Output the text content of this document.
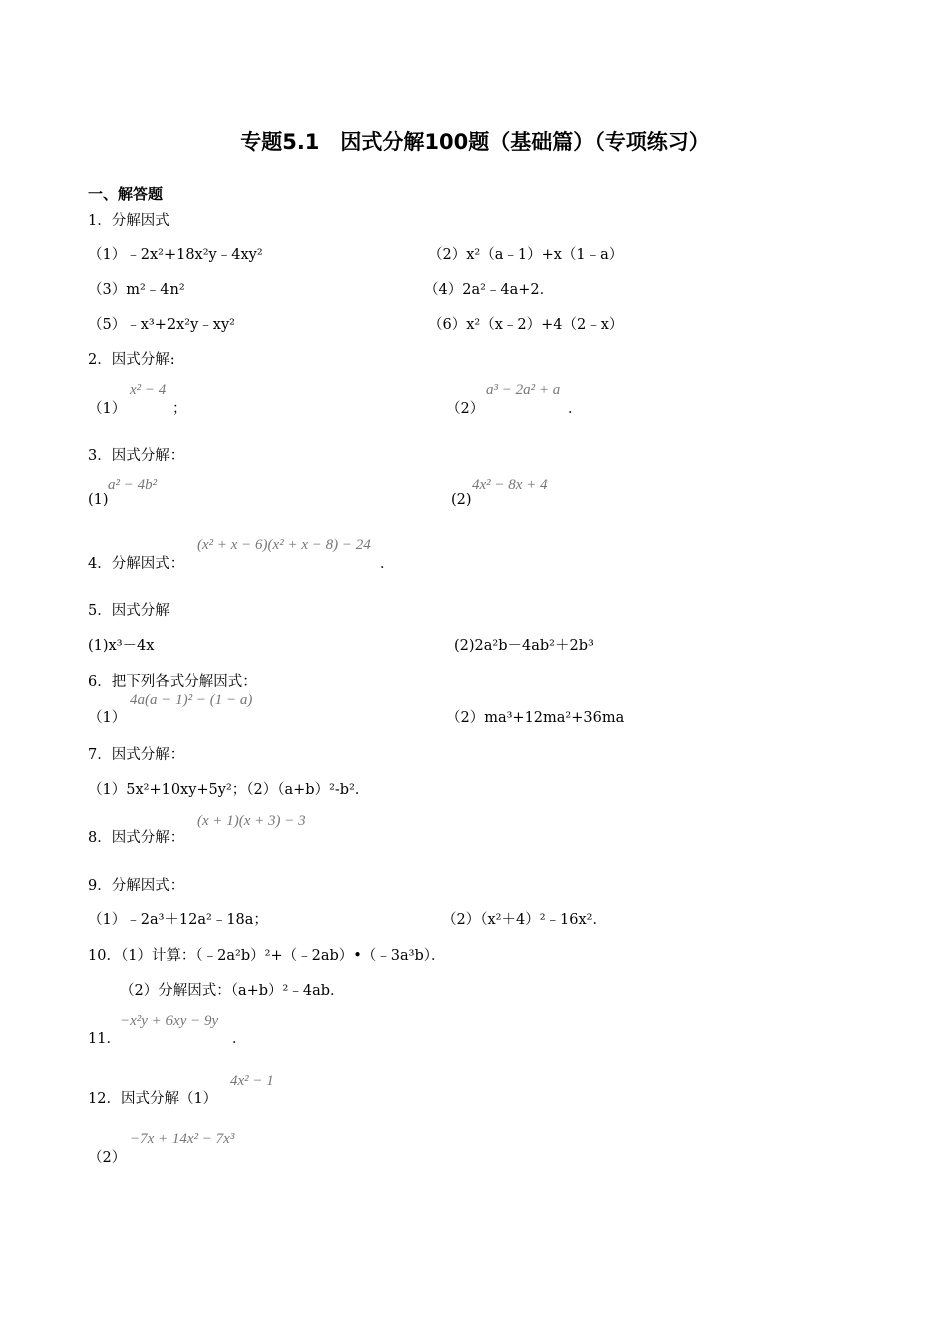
专题5.1　因式分解100题（基础篇）（专项练习）
一、解答题
1．分解因式
（1）﹣2x²+18x²y﹣4xy²	（2）x²（a﹣1）+x（1﹣a）
（3）m²﹣4n²	（4）2a²﹣4a+2．
（5）﹣x³+2x²y﹣xy²	（6）x²（x﹣2）+4（2﹣x）
2．因式分解:
（1）
x² − 4
；	（2）
a³ − 2a² + a
．
3．因式分解：
(1)
a² − 4b²
(2)
4x² − 8x + 4
4．分解因式：
(x² + x − 6)(x² + x − 8) − 24
．
5．因式分解
(1)x³－4x	(2)2a²b－4ab²＋2b³
6．把下列各式分解因式：
（1）
4a(a − 1)² − (1 − a)
（2）ma³+12ma²+36ma
7．因式分解：
（1）5x²+10xy+5y²；（2）（a+b）²-b²．
8．因式分解：
(x + 1)(x + 3) − 3
9．分解因式：
（1）﹣2a³＋12a²﹣18a；	（2）（x²＋4）²﹣16x²．
10．（1）计算：（﹣2a²b）²+（﹣2ab）•（﹣3a³b）．
（2）分解因式：（a+b）²﹣4ab．
11．
−x²y + 6xy − 9y
．
12．因式分解（1）
4x² − 1
（2）
−7x + 14x² − 7x³
